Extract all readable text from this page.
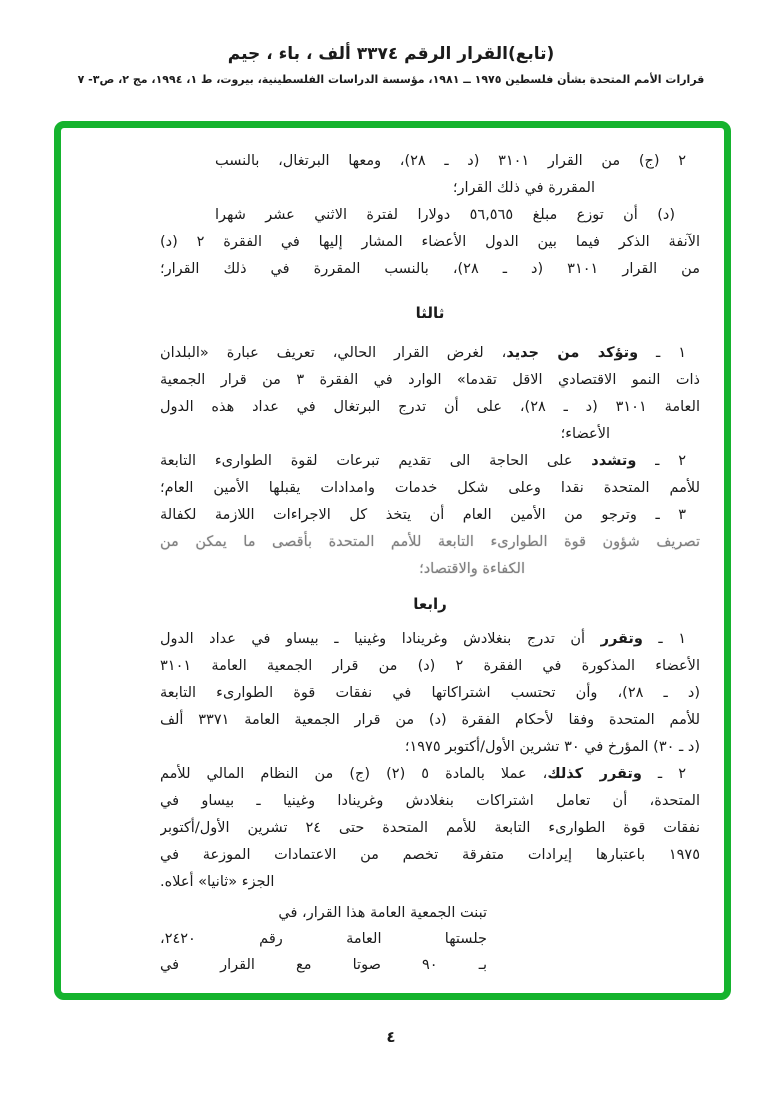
(تابع)القرار الرقم ٣٣٧٤ ألف ، باء ، جيم
قرارات الأمم المتحدة بشأن فلسطين ١٩٧٥ ــ ١٩٨١، مؤسسة الدراسات الفلسطينية، بيروت، ط ١، ١٩٩٤، مج ٢، ص٣- ٧
٢ (ج) من القرار ٣١٠١ (د ـ ٢٨)، ومعها البرتغال، بالنسب
المقررة في ذلك القرار؛
(د) أن توزع مبلغ ٥٦,٥٦٥ دولارا لفترة الاثني عشر شهرا
الآنفة الذكر فيما بين الدول الأعضاء المشار إليها في الفقرة ٢ (د)
من القرار ٣١٠١ (د ـ ٢٨)، بالنسب المقررة في ذلك القرار؛
ثالثا
١ ـ وتؤكد من جديد، لغرض القرار الحالي، تعريف عبارة «البلدان
ذات النمو الاقتصادي الاقل تقدما» الوارد في الفقرة ٣ من قرار الجمعية
العامة ٣١٠١ (د ـ ٢٨)، على أن تدرج البرتغال في عداد هذه الدول
الأعضاء؛
٢ ـ وتشدد على الحاجة الى تقديم تبرعات لقوة الطوارىء التابعة
للأمم المتحدة نقدا وعلى شكل خدمات وامدادات يقبلها الأمين العام؛
٣ ـ وترجو من الأمين العام أن يتخذ كل الاجراءات اللازمة لكفالة
تصريف شؤون قوة الطوارىء التابعة للأمم المتحدة بأقصى ما يمكن من
الكفاءة والاقتصاد؛
رابعا
١ ـ وتقرر أن تدرج بنغلادش وغرينادا وغينيا ـ بيساو في عداد الدول
الأعضاء المذكورة في الفقرة ٢ (د) من قرار الجمعية العامة ٣١٠١
(د ـ ٢٨)، وأن تحتسب اشتراكاتها في نفقات قوة الطوارىء التابعة
للأمم المتحدة وفقا لأحكام الفقرة (د) من قرار الجمعية العامة ٣٣٧١ ألف
(د ـ ٣٠) المؤرخ في ٣٠ تشرين الأول/أكتوبر ١٩٧٥؛
٢ ـ وتقرر كذلك، عملا بالمادة ٥ (٢) (ج) من النظام المالي للأمم
المتحدة، أن تعامل اشتراكات بنغلادش وغرينادا وغينيا ـ بيساو في
نفقات قوة الطوارىء التابعة للأمم المتحدة حتى ٢٤ تشرين الأول/أكتوبر
١٩٧٥ باعتبارها إيرادات متفرقة تخصم من الاعتمادات الموزعة في
الجزء «ثانيا» أعلاه.
تبنت الجمعية العامة هذا القرار، في
جلستها العامة رقم ٢٤٢٠،
بـ ٩٠ صوتا مع القرار في
٤
